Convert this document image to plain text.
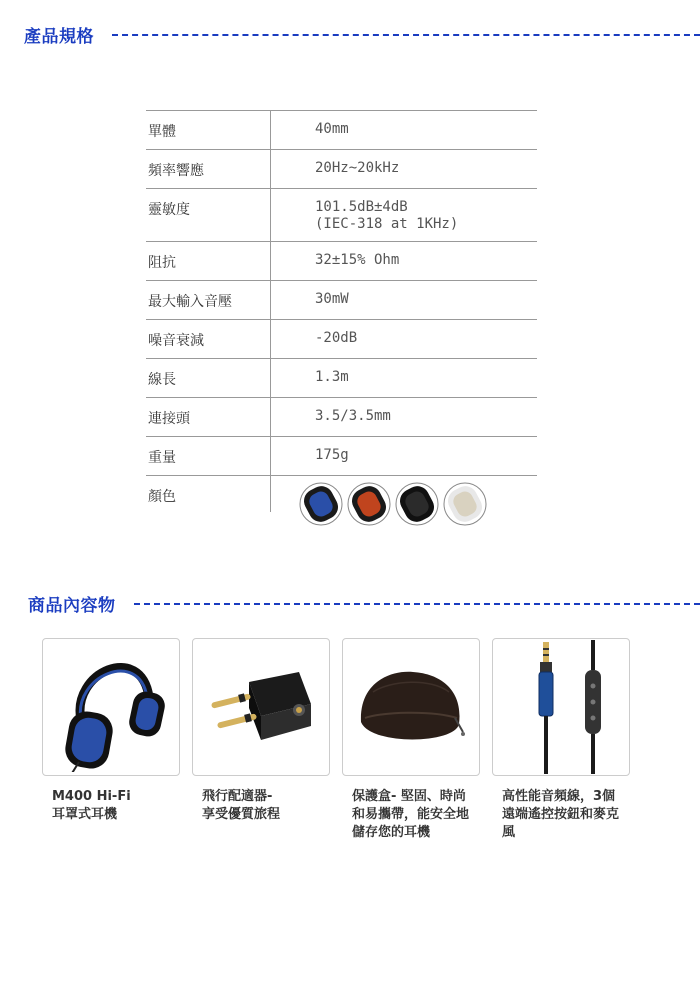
產品規格
單體	40mm
頻率響應	20Hz~20kHz
靈敏度	101.5dB±4dB
(IEC-318 at 1KHz)
阻抗	32±15% Ohm
最大輸入音壓	30mW
噪音衰減	-20dB
線長	1.3m
連接頭	3.5/3.5mm
重量	175g
顏色
商品內容物
M400 Hi-Fi
耳罩式耳機
飛行配適器-
享受優質旅程
保護盒- 堅固、時尚
和易攜帶，能安全地
儲存您的耳機
高性能音頻線，3個
遠端遙控按鈕和麥克
風
